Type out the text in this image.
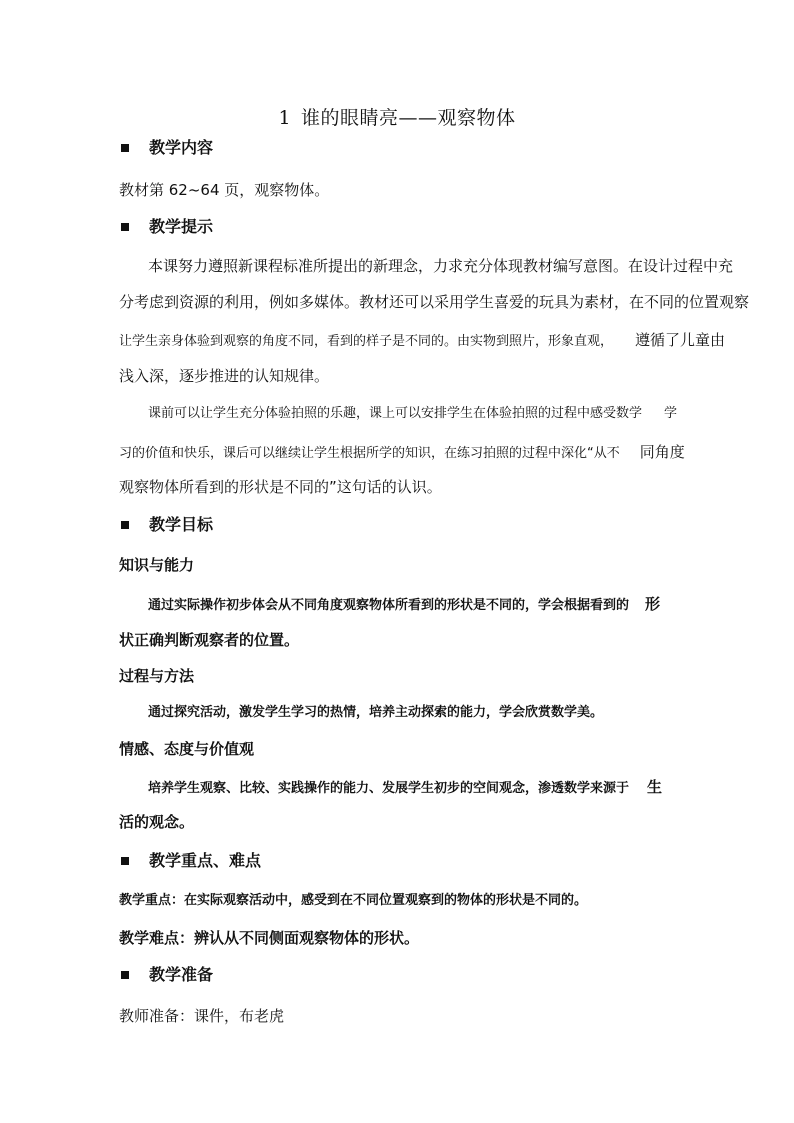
1 谁的眼睛亮——观察物体
教学内容
教材第 62~64 页，观察物体。
教学提示
本课努力遵照新课程标准所提出的新理念，力求充分体现教材编写意图。在设计过程中充
分考虑到资源的利用，例如多媒体。教材还可以采用学生喜爱的玩具为素材，在不同的位置观察
让学生亲身体验到观察的角度不同，看到的样子是不同的。由实物到照片，形象直观， 遵循了儿童由
浅入深，逐步推进的认知规律。
课前可以让学生充分体验拍照的乐趣，课上可以安排学生在体验拍照的过程中感受数学 学
习的价值和快乐，课后可以继续让学生根据所学的知识，在练习拍照的过程中深化“从不 同角度
观察物体所看到的形状是不同的”这句话的认识。
教学目标
知识与能力
通过实际操作初步体会从不同角度观察物体所看到的形状是不同的，学会根据看到的 形
状正确判断观察者的位置。
过程与方法
通过探究活动，激发学生学习的热情，培养主动探索的能力，学会欣赏数学美。
情感、态度与价值观
培养学生观察、比较、实践操作的能力、发展学生初步的空间观念，渗透数学来源于 生
活的观念。
教学重点、难点
教学重点：在实际观察活动中，感受到在不同位置观察到的物体的形状是不同的。
教学难点：辨认从不同侧面观察物体的形状。
教学准备
教师准备：课件，布老虎
